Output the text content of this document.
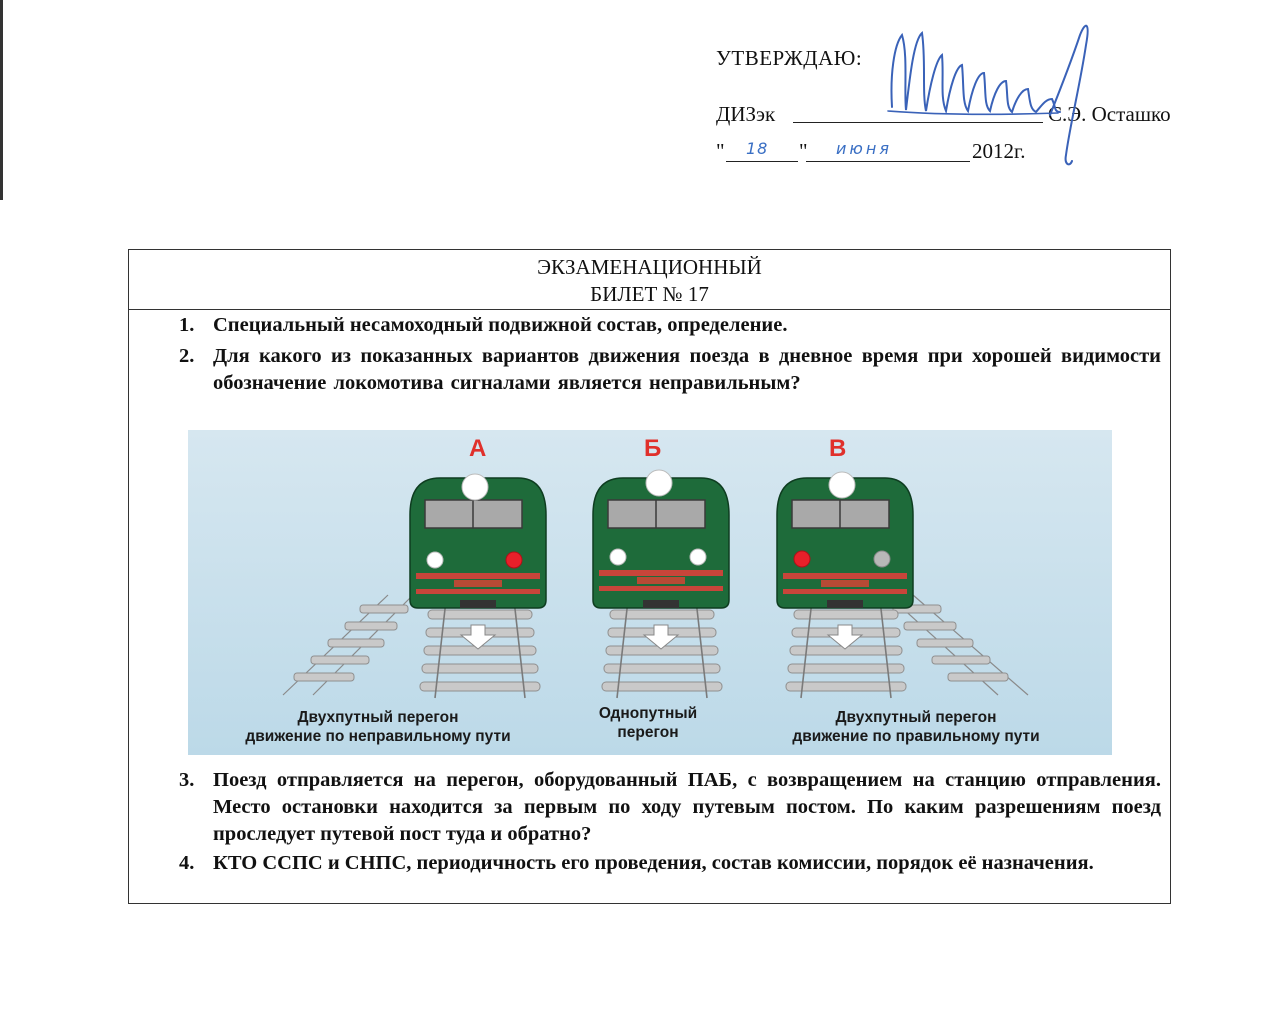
УТВЕРЖДАЮ:
ДИЗэк	С.Э. Осташко
" 18 " июня	2012г.
ЭКЗАМЕНАЦИОННЫЙ
БИЛЕТ № 17
1. Специальный несамоходный подвижной состав, определение.
2. Для какого из показанных вариантов движения поезда в дневное время при хорошей видимости обозначение локомотива сигналами является неправильным?
А	Б	В
Двухпутный перегон
движение по неправильному пути
Однопутный
перегон
Двухпутный перегон
движение по правильному пути
3. Поезд отправляется на перегон, оборудованный ПАБ, с возвращением на станцию отправления. Место остановки находится за первым по ходу путевым постом. По каким разрешениям поезд проследует путевой пост туда и обратно?
4. КТО ССПС и СНПС, периодичность его проведения, состав комиссии, порядок её назначения.
